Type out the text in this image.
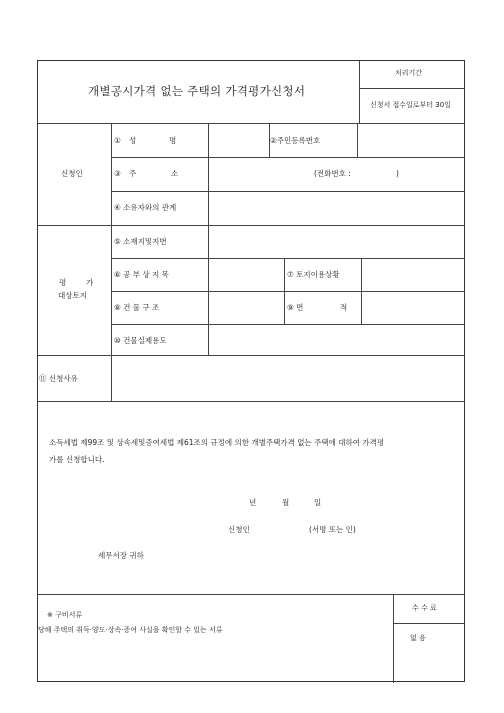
개별공시가격 없는 주택의 가격평가신청서
처리기간
신청서 접수일로부터 30일
신청인
① 성	명	②주민등록번호
③ 주	소	(전화번호 :	)
④ 소유자와의 관계
평	가
대상토지
⑤ 소재지및지번
⑥ 공 부 상 지 목	⑦ 토지이용상황
⑧ 건 물 구 조	⑨ 면	적
⑩ 건물실제용도
⑪ 신청사유
소득세법 제99조 및 상속세및증여세법 제61조의 규정에 의한 개별주택가격 없는 주택에 대하여 가격평
가를 신청합니다.
년	월	일
신청인	(서명 또는 인)
세무서장 귀하
※ 구비서류
당해 주택의 취득·양도·상속·증여 사실을 확인할 수 있는 서류
수 수 료
없 음
